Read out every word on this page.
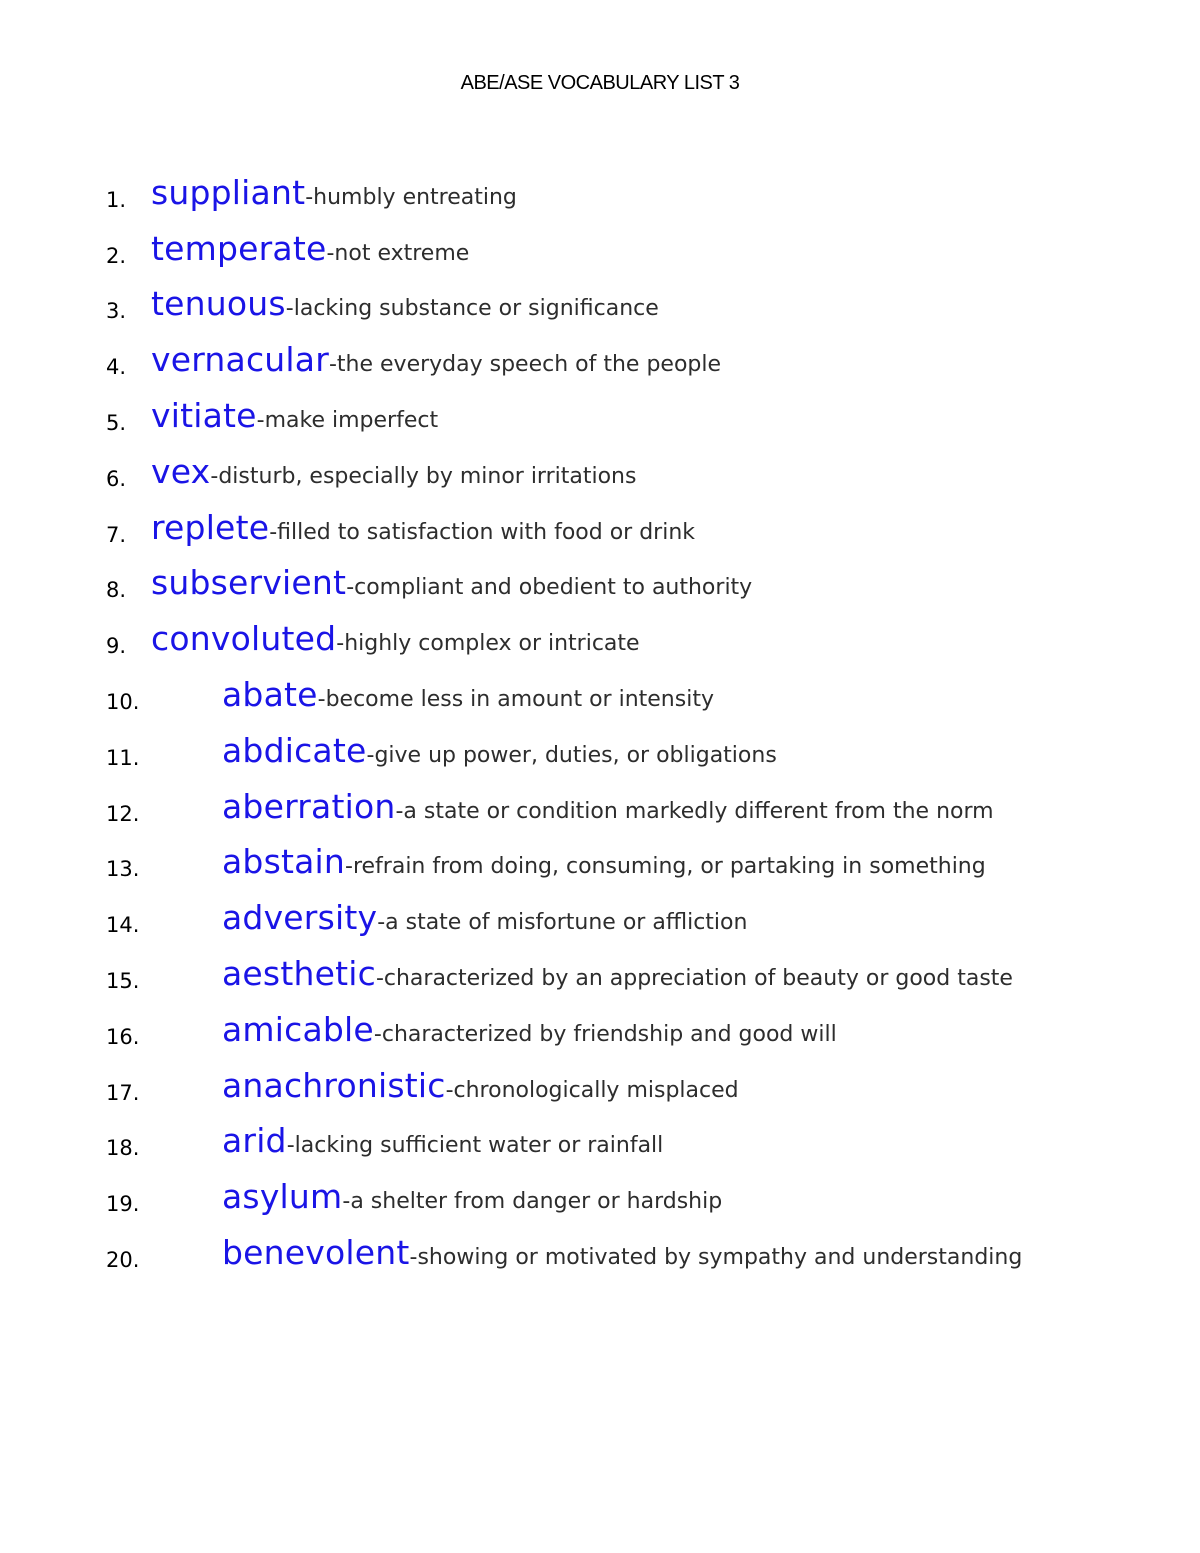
ABE/ASE VOCABULARY LIST 3
1. suppliant-humbly entreating
2. temperate-not extreme
3. tenuous-lacking substance or significance
4. vernacular-the everyday speech of the people
5. vitiate-make imperfect
6. vex-disturb, especially by minor irritations
7. replete-filled to satisfaction with food or drink
8. subservient-compliant and obedient to authority
9. convoluted-highly complex or intricate
10.	abate-become less in amount or intensity
11.	abdicate-give up power, duties, or obligations
12.	aberration-a state or condition markedly different from the norm
13.	abstain-refrain from doing, consuming, or partaking in something
14.	adversity-a state of misfortune or affliction
15.	aesthetic-characterized by an appreciation of beauty or good taste
16.	amicable-characterized by friendship and good will
17.	anachronistic-chronologically misplaced
18.	arid-lacking sufficient water or rainfall
19.	asylum-a shelter from danger or hardship
20.	benevolent-showing or motivated by sympathy and understanding
